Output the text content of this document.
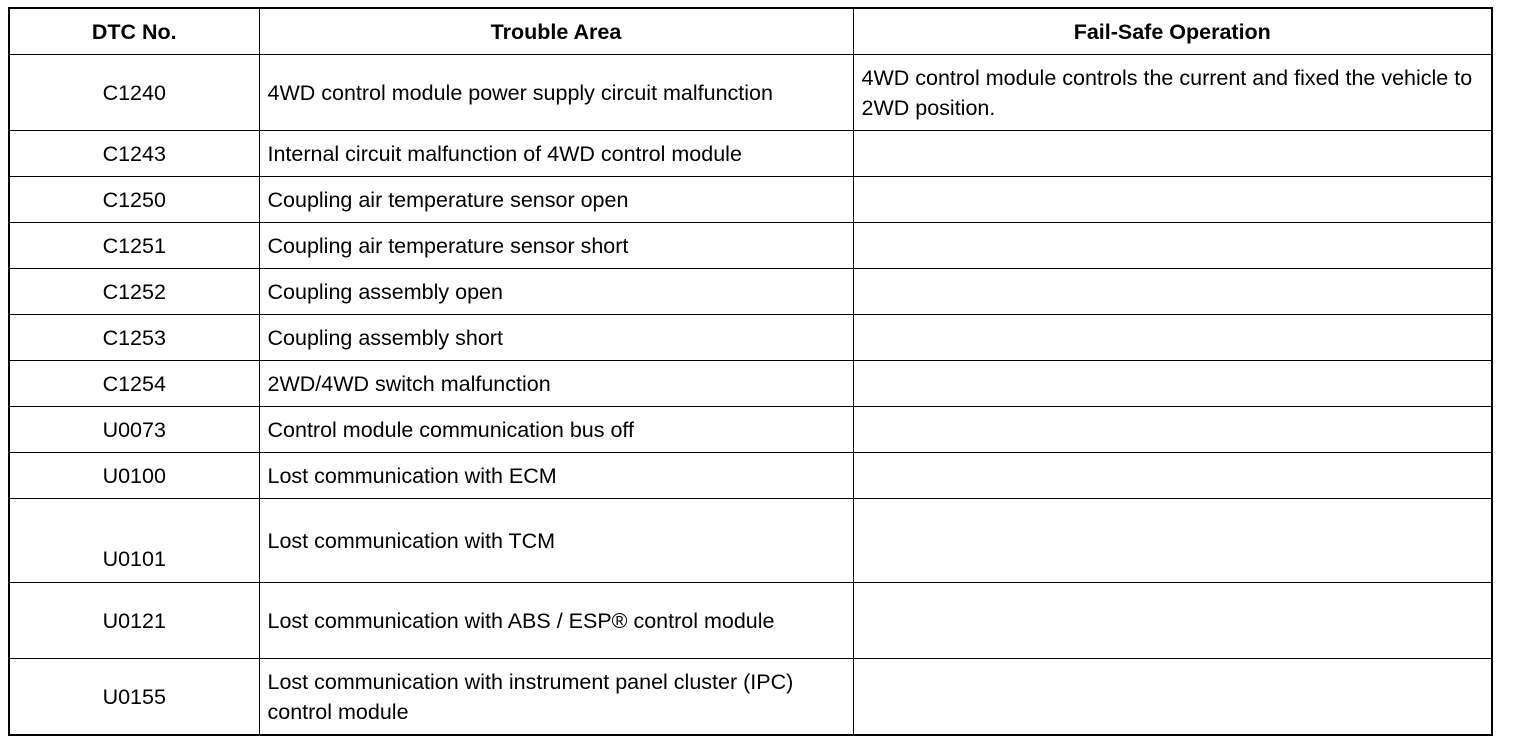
DTC No.	Trouble Area	Fail-Safe Operation
C1240	4WD control module power supply circuit malfunction	4WD control module controls the current and fixed the vehicle to 2WD position.
C1243	Internal circuit malfunction of 4WD control module	
C1250	Coupling air temperature sensor open	
C1251	Coupling air temperature sensor short	
C1252	Coupling assembly open	
C1253	Coupling assembly short	
C1254	2WD/4WD switch malfunction	
U0073	Control module communication bus off	
U0100	Lost communication with ECM	
U0101	Lost communication with TCM	
U0121	Lost communication with ABS / ESP® control module	
U0155	Lost communication with instrument panel cluster (IPC) control module	
